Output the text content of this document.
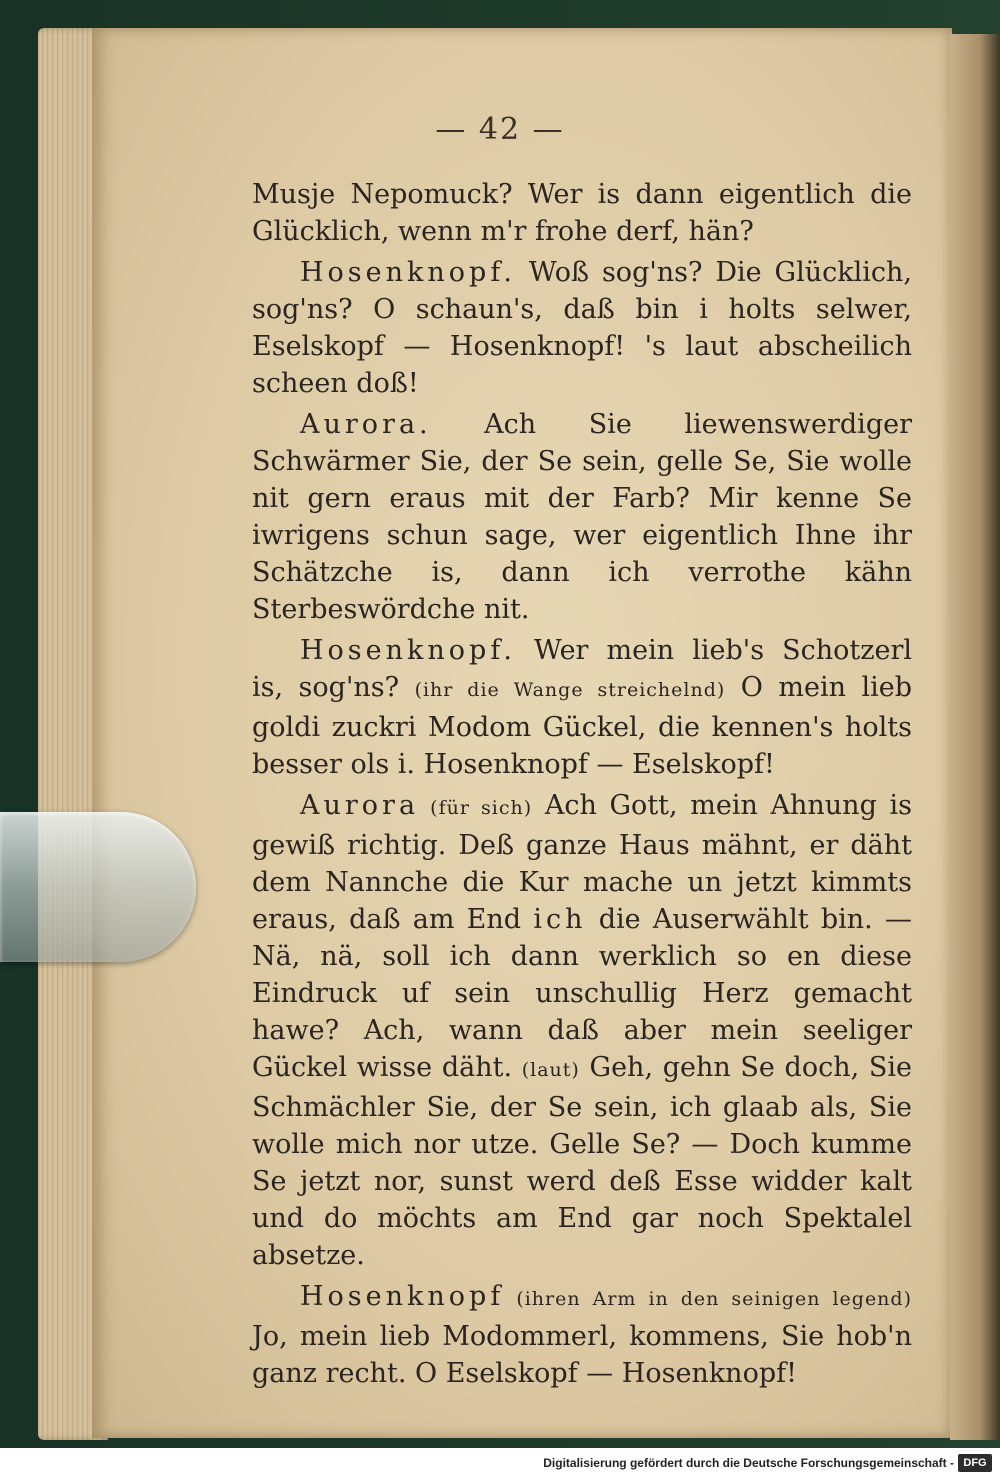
— 42 —

Musje Nepomuck? Wer is dann eigentlich die Glücklich, wenn m'r frohe derf, hän?

Hosenknopf. Woß sog'ns? Die Glücklich, sog'ns? O schaun's, daß bin i holts selwer, Eselskopf — Hosenknopf! 's laut abscheilich scheen doß!

Aurora. Ach Sie liewenswerdiger Schwärmer Sie, der Se sein, gelle Se, Sie wolle nit gern eraus mit der Farb? Mir kenne Se iwrigens schun sage, wer eigentlich Ihne ihr Schätzche is, dann ich verrothe kähn Sterbeswördche nit.

Hosenknopf. Wer mein lieb's Schotzerl is, sog'ns? (ihr die Wange streichelnd) O mein lieb goldi zuckri Modom Gückel, die kennen's holts besser ols i. Hosenknopf — Eselskopf!

Aurora (für sich) Ach Gott, mein Ahnung is gewiß richtig. Deß ganze Haus mähnt, er däht dem Nannche die Kur mache un jetzt kimmts eraus, daß am End ich die Auserwählt bin. — Nä, nä, soll ich dann werklich so en diese Eindruck uf sein unschullig Herz gemacht hawe? Ach, wann daß aber mein seeliger Gückel wisse däht. (laut) Geh, gehn Se doch, Sie Schmächler Sie, der Se sein, ich glaab als, Sie wolle mich nor utze. Gelle Se? — Doch kumme Se jetzt nor, sunst werd deß Esse widder kalt und do möchts am End gar noch Spektalel absetze.

Hosenknopf (ihren Arm in den seinigen legend) Jo, mein lieb Modommerl, kommens, Sie hob'n ganz recht. O Eselskopf — Hosenknopf!

Digitalisierung gefördert durch die Deutsche Forschungsgemeinschaft - DFG
